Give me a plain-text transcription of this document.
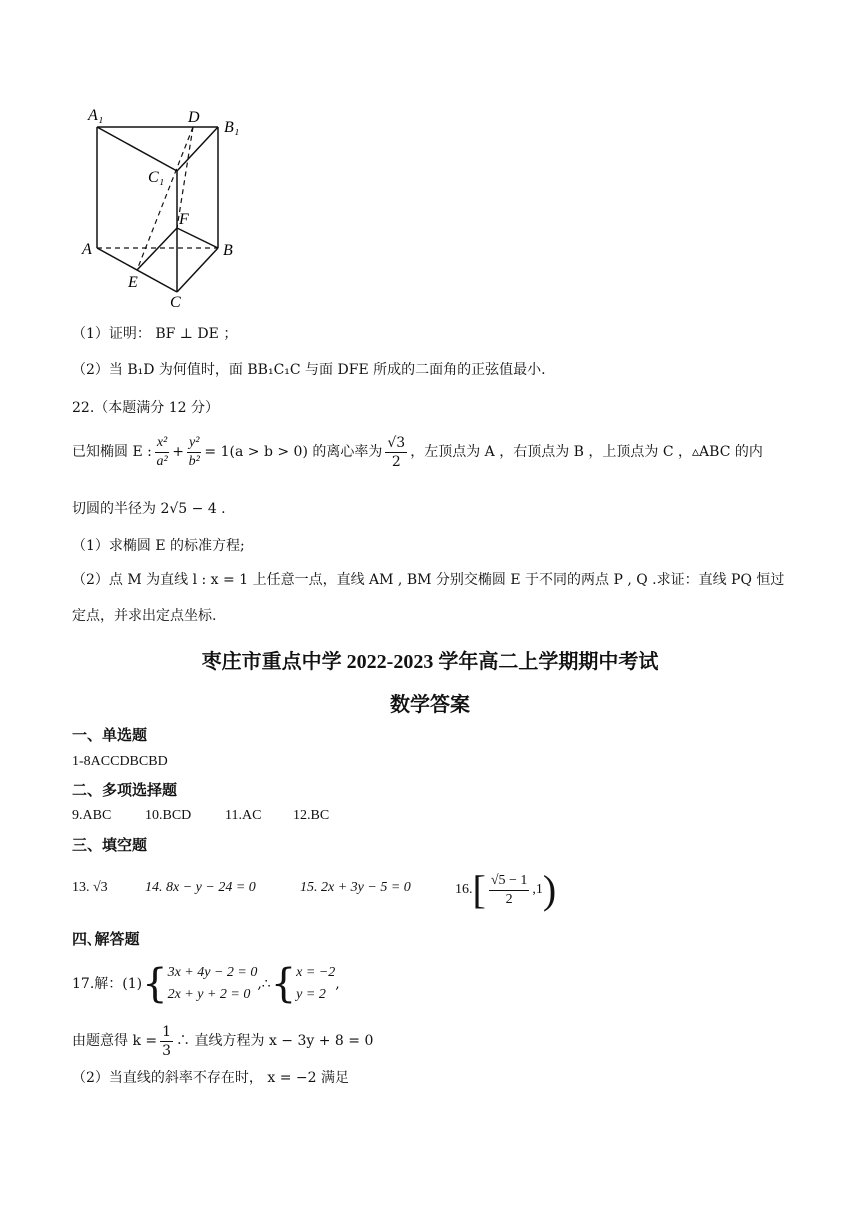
A₁	D
B₁
C₁
F
A	B
E
C
（1）证明： BF ⊥ DE ；
（2）当 B₁D 为何值时，面 BB₁C₁C 与面 DFE 所成的二面角的正弦值最小.
22.（本题满分 12 分）
已知椭圆 E : $\frac{\text{x²}}{\text{a²}} + \frac{\text{y²}}{\text{b²}} = 1(a > b > 0)$ 的离心率为 $\frac{√3}{2}$ ，左顶点为 A ，右顶点为 B ，上顶点为 C ，▵ABC 的内
切圆的半径为 2√5 − 4 .
（1）求椭圆 E 的标准方程;
（2）点 M 为直线 l : x = 1 上任意一点，直线 AM , BM 分别交椭圆 E 于不同的两点 P , Q .求证：直线 PQ 恒过
定点，并求出定点坐标.
枣庄市重点中学 2022-2023 学年高二上学期期中考试
数学答案
一、单选题
1-8ACCDBCBD
二、多项选择题
9.ABC 10.BCD 11.AC 12.BC
三、填空题
13. √3	14. 8x − y − 24 = 0	15. 2x + 3y − 5 = 0	16. [ $\frac{√5 - 1}{2} ,1$ )
四､解答题
17.解：(1) { 3x + 4y − 2 = 0
2x + y + 2 = 0
,∴ { x = −2
y = 2
,
由题意得 $k = \frac{1}{3}$ ∴ 直线方程为 x − 3y + 8 = 0
（2）当直线的斜率不存在时， x = −2 满足
